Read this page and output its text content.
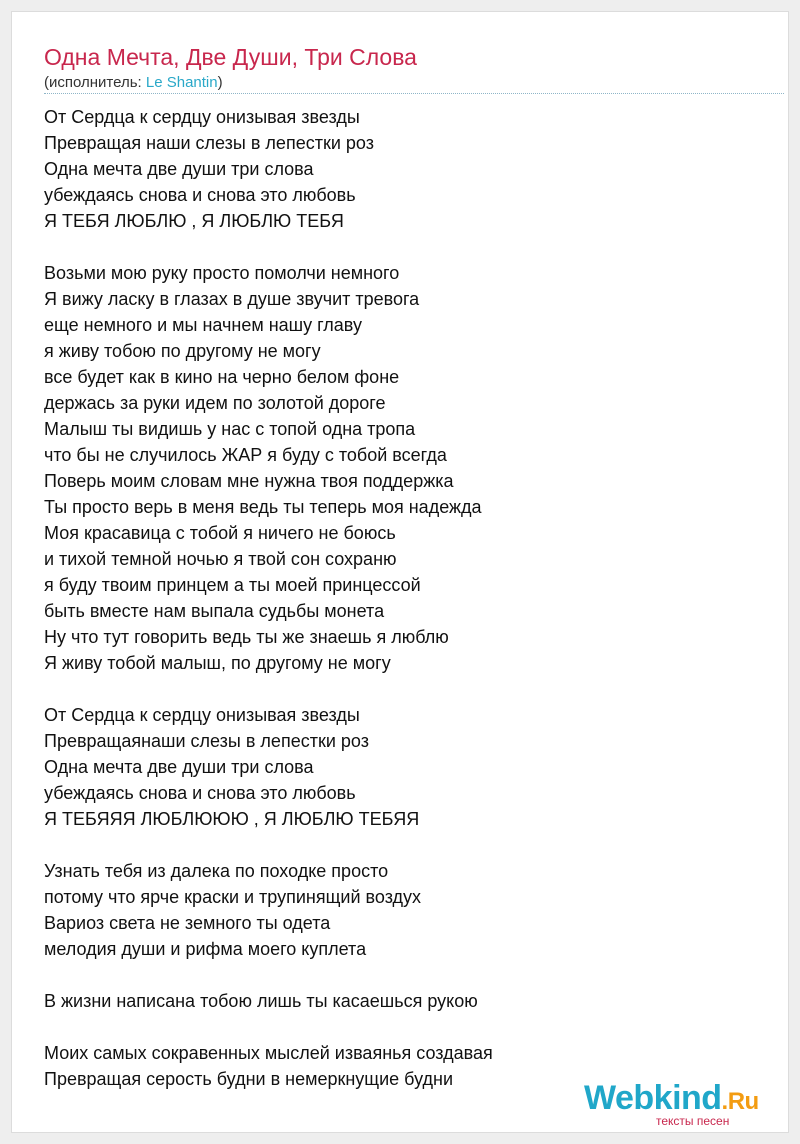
Одна Мечта, Две Души, Три Слова
(исполнитель: Le Shantin)
От Сердца к сердцу онизывая звезды
Превращая наши слезы в лепестки роз
Одна мечта две души три слова
убеждаясь снова и снова это любовь
Я ТЕБЯ ЛЮБЛЮ , Я ЛЮБЛЮ ТЕБЯ
Возьми мою руку просто помолчи немного
Я вижу ласку в глазах в душе звучит тревога
еще немного и мы начнем нашу главу
я живу тобою по другому не могу
все будет как в кино на черно белом фоне
держась за руки идем по золотой дороге
Малыш ты видишь у нас с топой одна тропа
что бы не случилось ЖАР я буду с тобой всегда
Поверь моим словам мне нужна твоя поддержка
Ты просто верь в меня ведь ты теперь моя надежда
Моя красавица с тобой я ничего не боюсь
и тихой темной ночью я твой сон сохраню
я буду твоим принцем а ты моей принцессой
быть вместе нам выпала судьбы монета
Ну что тут говорить ведь ты же знаешь я люблю
Я живу тобой малыш, по другому не могу
От Сердца к сердцу онизывая звезды
Превращаянаши слезы в лепестки роз
Одна мечта две души три слова
убеждаясь снова и снова это любовь
Я ТЕБЯЯЯ ЛЮБЛЮЮЮ , Я ЛЮБЛЮ ТЕБЯЯ
Узнать тебя из далека по походке просто
потому что ярче краски и трупинящий воздух
Вариоз света не земного ты одета
мелодия души и рифма моего куплета
В жизни написана тобою лишь ты касаешься рукою
Моих самых сокравенных мыслей изваянья создавая
Превращая серость будни в немеркнущие будни	Webkind.Ru
тексты песен
